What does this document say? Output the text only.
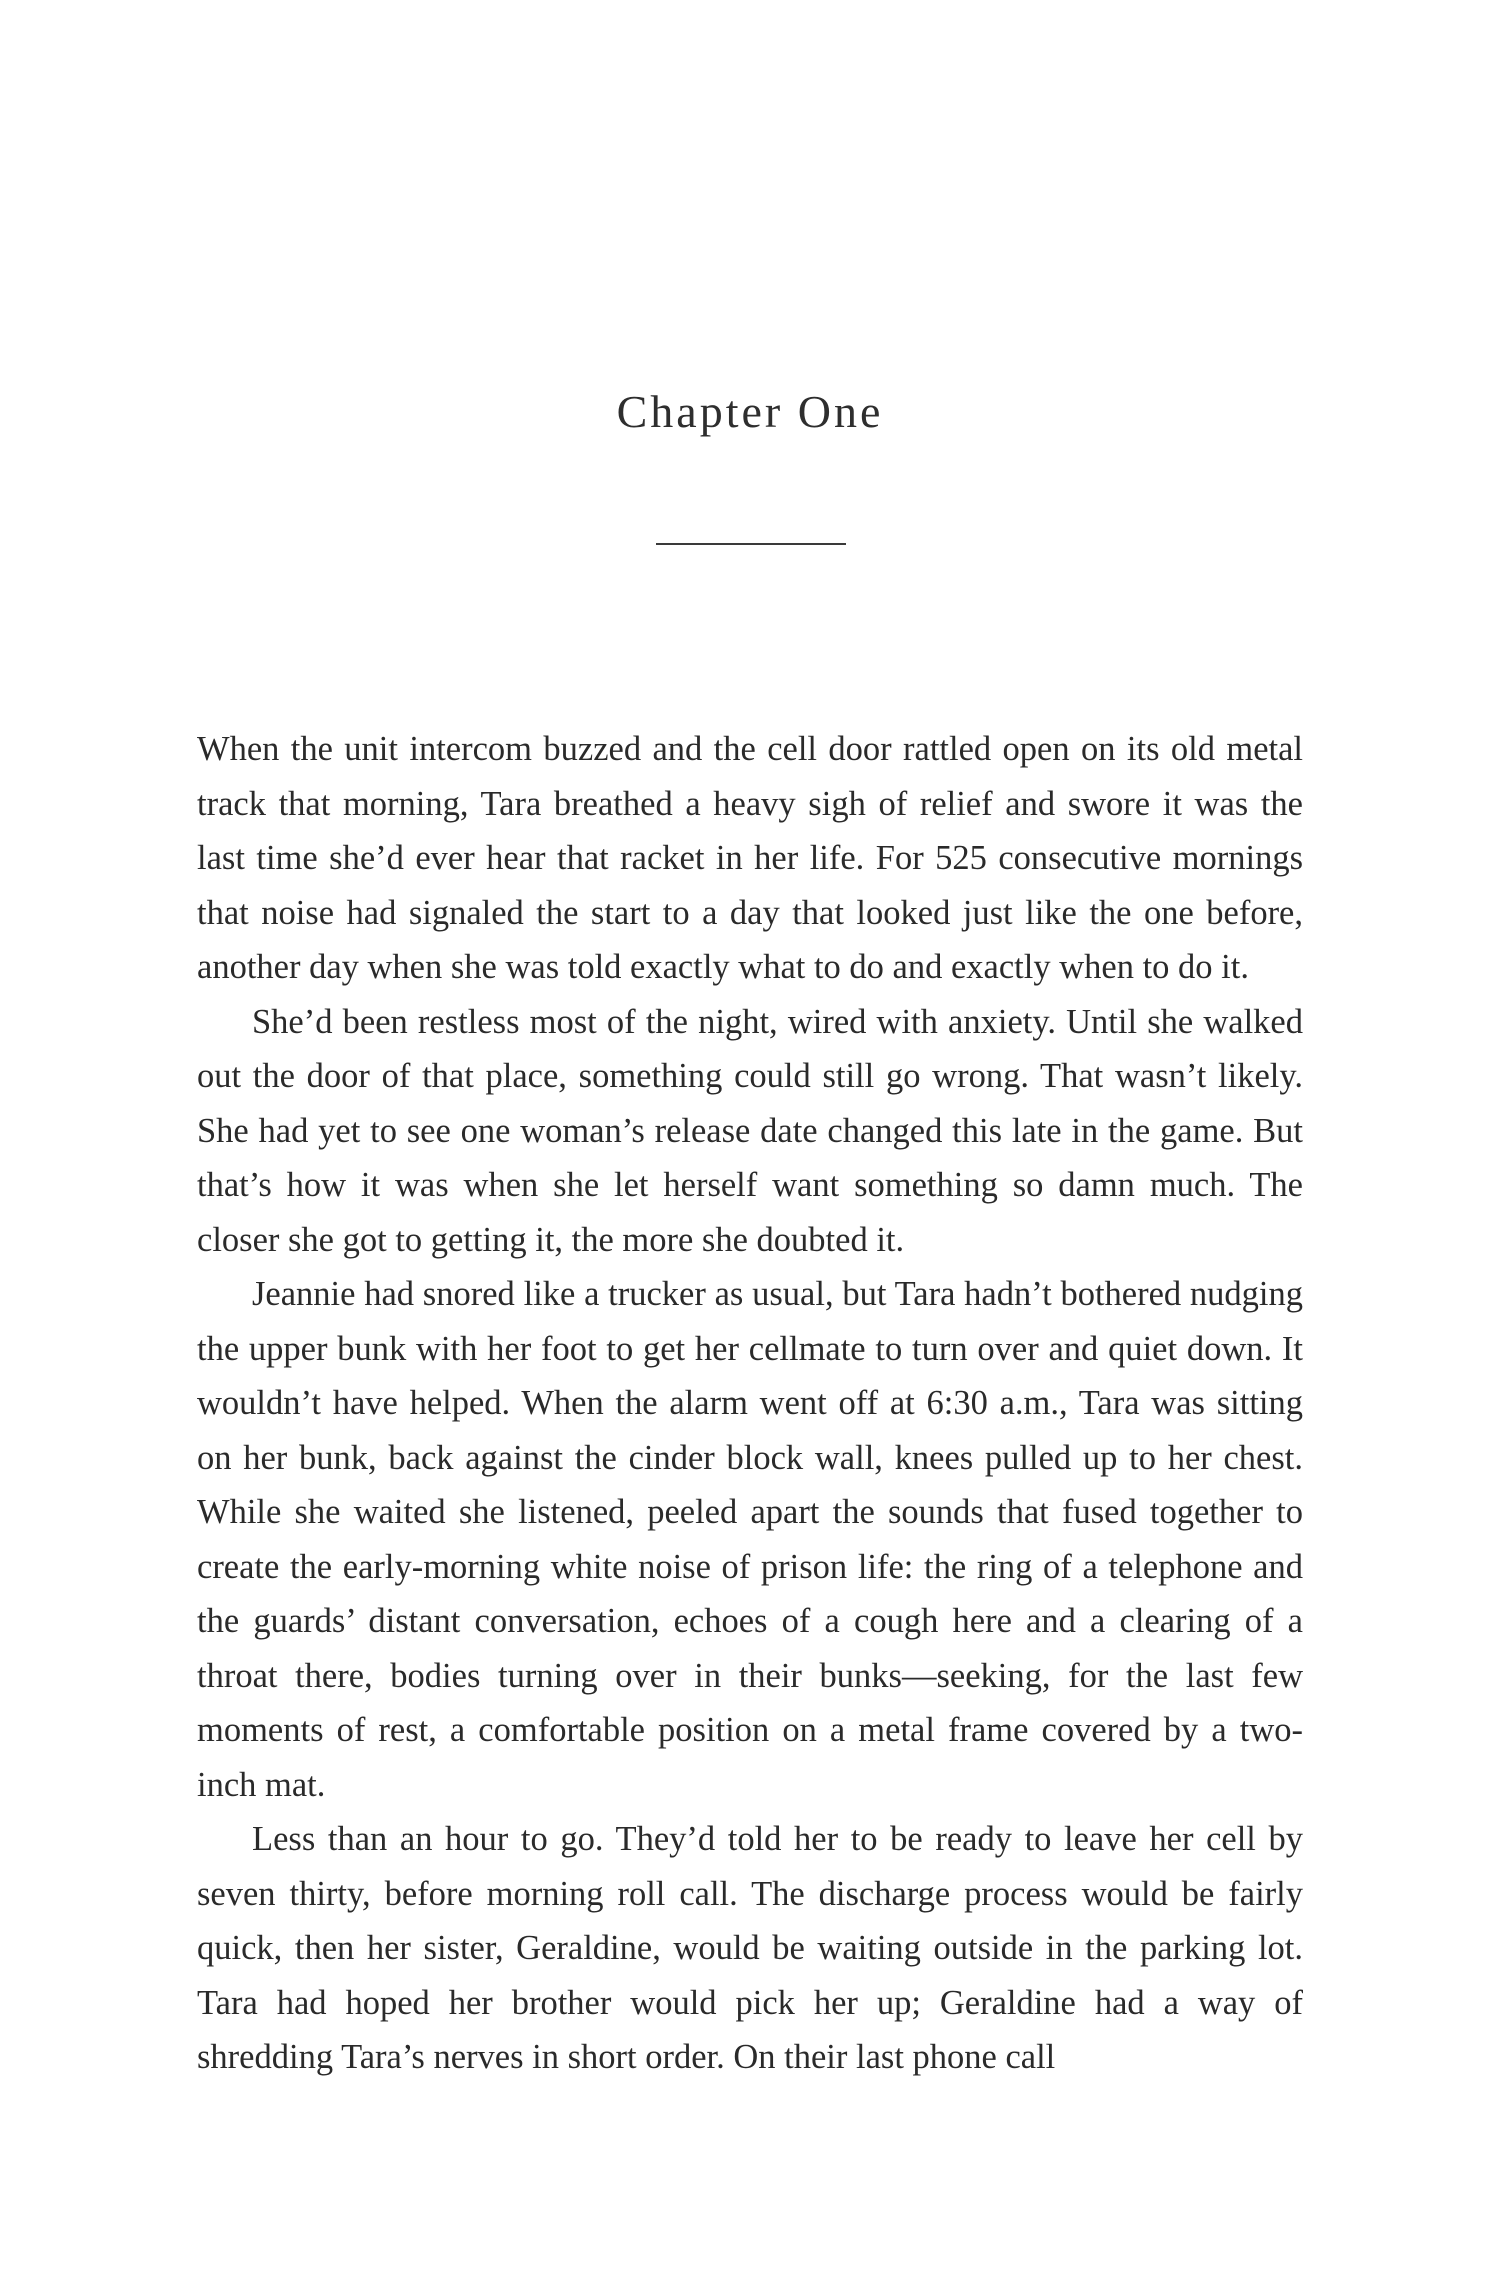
Chapter One

When the unit intercom buzzed and the cell door rattled open on its old metal track that morning, Tara breathed a heavy sigh of relief and swore it was the last time she’d ever hear that racket in her life. For 525 consecutive mornings that noise had signaled the start to a day that looked just like the one before, another day when she was told exactly what to do and exactly when to do it.

She’d been restless most of the night, wired with anxiety. Until she walked out the door of that place, something could still go wrong. That wasn’t likely. She had yet to see one woman’s release date changed this late in the game. But that’s how it was when she let herself want something so damn much. The closer she got to getting it, the more she doubted it.

Jeannie had snored like a trucker as usual, but Tara hadn’t bothered nudging the upper bunk with her foot to get her cellmate to turn over and quiet down. It wouldn’t have helped. When the alarm went off at 6:30 a.m., Tara was sitting on her bunk, back against the cinder block wall, knees pulled up to her chest. While she waited she listened, peeled apart the sounds that fused together to create the early-morning white noise of prison life: the ring of a telephone and the guards’ distant conversation, echoes of a cough here and a clearing of a throat there, bodies turning over in their bunks—seeking, for the last few moments of rest, a comfortable position on a metal frame covered by a two-inch mat.

Less than an hour to go. They’d told her to be ready to leave her cell by seven thirty, before morning roll call. The discharge process would be fairly quick, then her sister, Geraldine, would be waiting outside in the parking lot. Tara had hoped her brother would pick her up; Geraldine had a way of shredding Tara’s nerves in short order. On their last phone call
